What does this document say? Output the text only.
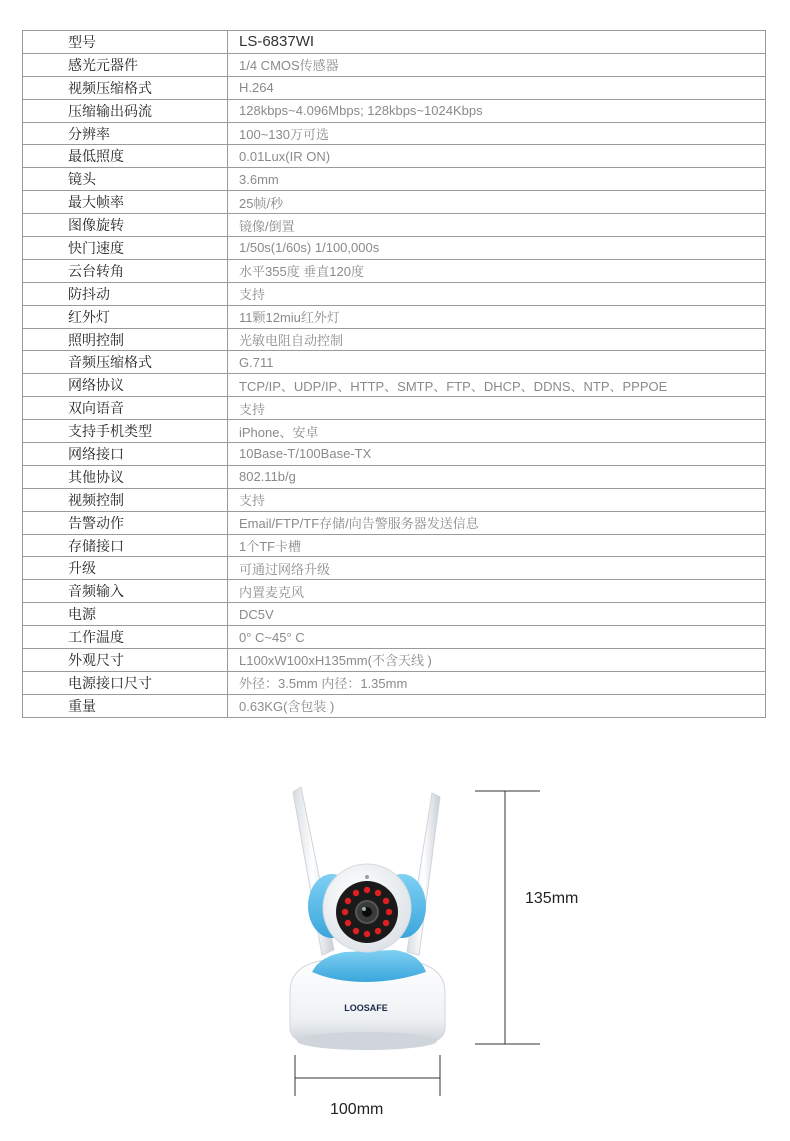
型号	LS-6837WI
感光元器件	1/4 CMOS传感器
视频压缩格式	H.264
压缩输出码流	128kbps~4.096Mbps; 128kbps~1024Kbps
分辨率	100~130万可选
最低照度	0.01Lux(IR ON)
镜头	3.6mm
最大帧率	25帧/秒
图像旋转	镜像/倒置
快门速度	1/50s(1/60s) 1/100,000s
云台转角	水平355度 垂直120度
防抖动	支持
红外灯	11颗12miu红外灯
照明控制	光敏电阻自动控制
音频压缩格式	G.711
网络协议	TCP/IP、UDP/IP、HTTP、SMTP、FTP、DHCP、DDNS、NTP、PPPOE
双向语音	支持
支持手机类型	iPhone、安卓
网络接口	10Base-T/100Base-TX
其他协议	802.11b/g
视频控制	支持
告警动作	Email/FTP/TF存储/向告警服务器发送信息
存储接口	1个TF卡槽
升级	可通过网络升级
音频输入	内置麦克风
电源	DC5V
工作温度	0° C~45° C
外观尺寸	L100xW100xH135mm(不含天线 )
电源接口尺寸	外径：3.5mm 内径：1.35mm
重量	0.63KG(含包装 )
LOOSAFE
135mm
100mm
